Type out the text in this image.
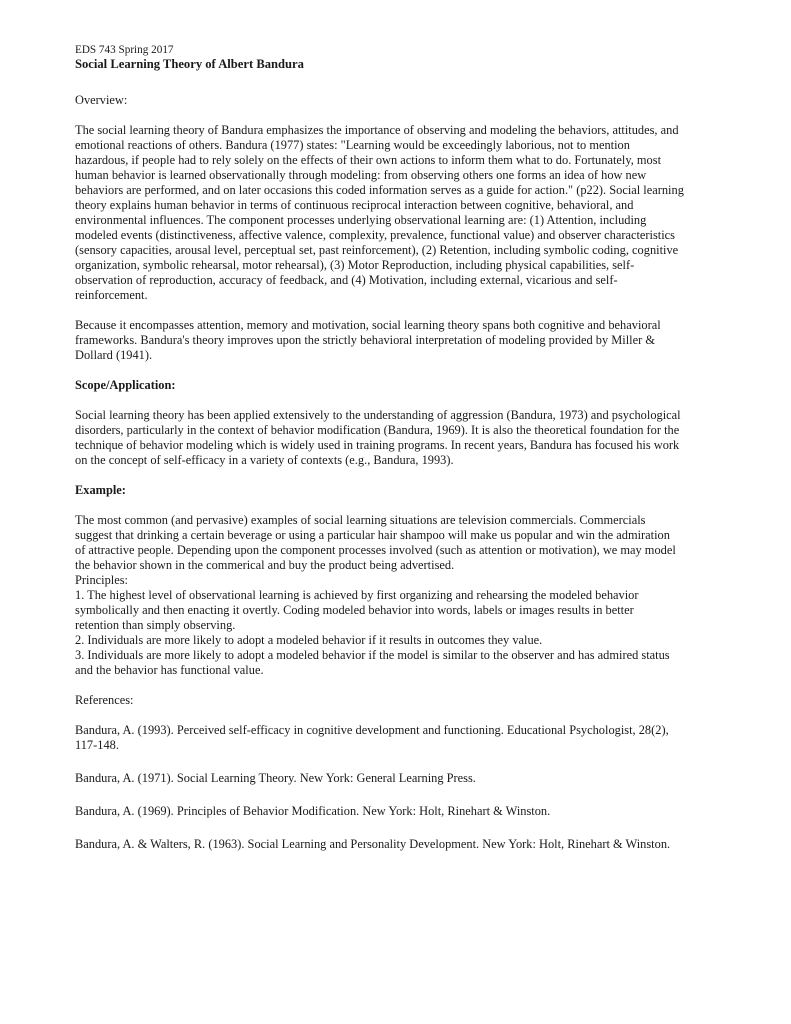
EDS 743 Spring 2017
Social Learning Theory of Albert Bandura
Overview:
The social learning theory of Bandura emphasizes the importance of observing and modeling the behaviors, attitudes, and
emotional reactions of others. Bandura (1977) states: "Learning would be exceedingly laborious, not to mention
hazardous, if people had to rely solely on the effects of their own actions to inform them what to do. Fortunately, most
human behavior is learned observationally through modeling: from observing others one forms an idea of how new
behaviors are performed, and on later occasions this coded information serves as a guide for action." (p22). Social learning
theory explains human behavior in terms of continuous reciprocal interaction between cognitive, behavioral, and
environmental influences. The component processes underlying observational learning are: (1) Attention, including
modeled events (distinctiveness, affective valence, complexity, prevalence, functional value) and observer characteristics
(sensory capacities, arousal level, perceptual set, past reinforcement), (2) Retention, including symbolic coding, cognitive
organization, symbolic rehearsal, motor rehearsal), (3) Motor Reproduction, including physical capabilities, self-
observation of reproduction, accuracy of feedback, and (4) Motivation, including external, vicarious and self-
reinforcement.
Because it encompasses attention, memory and motivation, social learning theory spans both cognitive and behavioral
frameworks. Bandura's theory improves upon the strictly behavioral interpretation of modeling provided by Miller &
Dollard (1941).
Scope/Application:
Social learning theory has been applied extensively to the understanding of aggression (Bandura, 1973) and psychological
disorders, particularly in the context of behavior modification (Bandura, 1969). It is also the theoretical foundation for the
technique of behavior modeling which is widely used in training programs. In recent years, Bandura has focused his work
on the concept of self-efficacy in a variety of contexts (e.g., Bandura, 1993).
Example:
The most common (and pervasive) examples of social learning situations are television commercials. Commercials
suggest that drinking a certain beverage or using a particular hair shampoo will make us popular and win the admiration
of attractive people. Depending upon the component processes involved (such as attention or motivation), we may model
the behavior shown in the commerical and buy the product being advertised.
Principles:
1. The highest level of observational learning is achieved by first organizing and rehearsing the modeled behavior
symbolically and then enacting it overtly. Coding modeled behavior into words, labels or images results in better
retention than simply observing.
2. Individuals are more likely to adopt a modeled behavior if it results in outcomes they value.
3. Individuals are more likely to adopt a modeled behavior if the model is similar to the observer and has admired status
and the behavior has functional value.
References:
Bandura, A. (1993). Perceived self-efficacy in cognitive development and functioning. Educational Psychologist, 28(2),
117-148.
Bandura, A. (1971). Social Learning Theory. New York: General Learning Press.
Bandura, A. (1969). Principles of Behavior Modification. New York: Holt, Rinehart & Winston.
Bandura, A. & Walters, R. (1963). Social Learning and Personality Development. New York: Holt, Rinehart & Winston.
